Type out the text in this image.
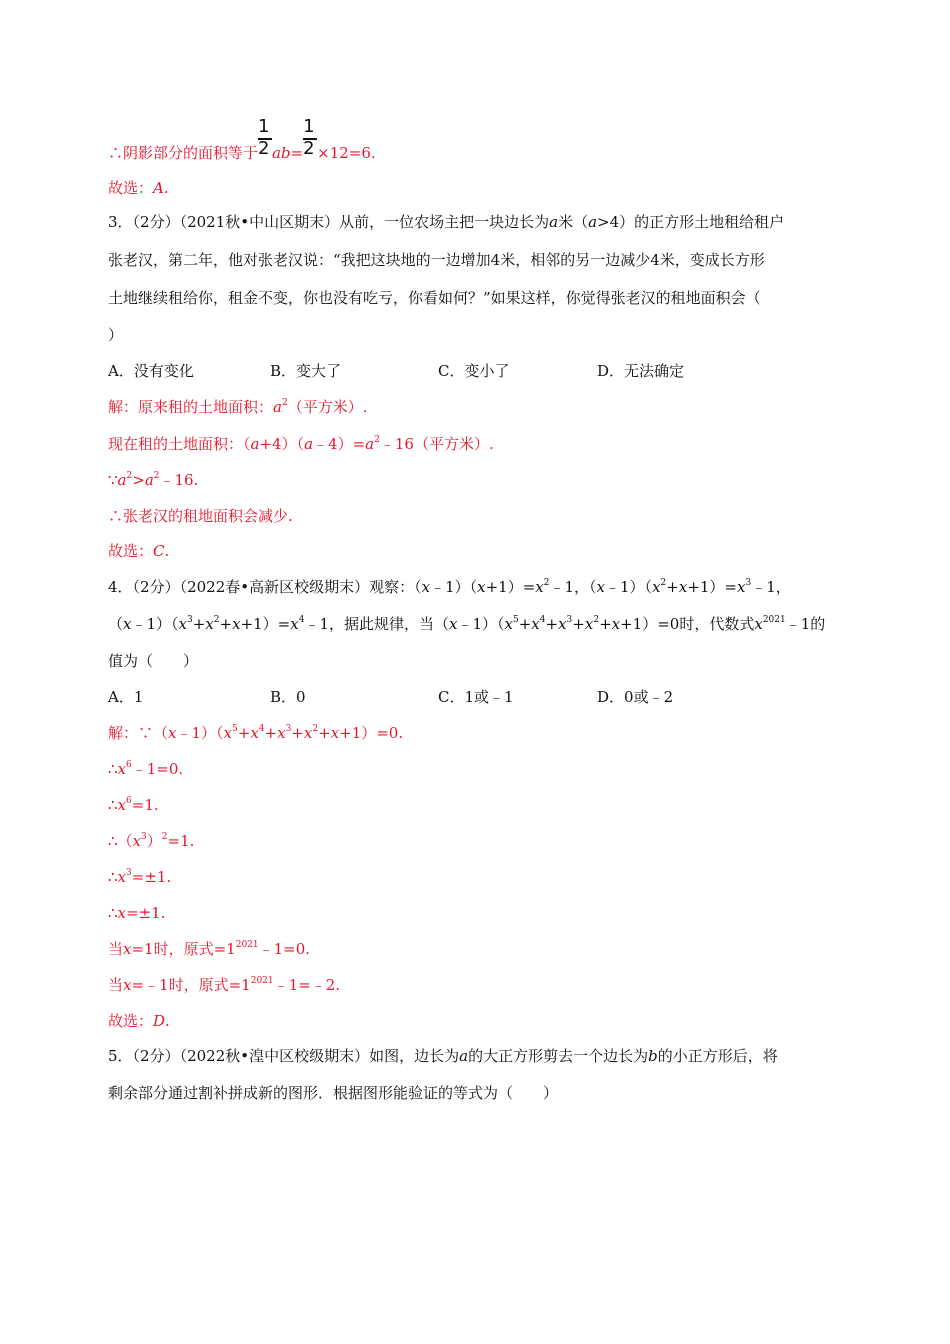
∴阴影部分的面积等于 $\frac{1}{2} ab= \frac{1}{2} \times 12=6$.
故选：A.
3．（2分）（2021秋•中山区期末）从前，一位农场主把一块边长为a米（a>4）的正方形土地租给租户
张老汉，第二年，他对张老汉说：“我把这块地的一边增加4米，相邻的另一边减少4米，变成长方形
土地继续租给你，租金不变，你也没有吃亏，你看如何？”如果这样，你觉得张老汉的租地面积会（
）
A．没有变化	B．变大了	C．变小了	D．无法确定
解：原来租的土地面积：$a^2$（平方米）.
现在租的土地面积：$(a+4)(a﹣4)=a^2﹣16$（平方米）.
$\because a^2>a^2﹣16$.
∴张老汉的租地面积会减少.
故选：C.
4．（2分）（2022春•高新区校级期末）观察：$(x﹣1)(x+1)=x^2﹣1$，$(x﹣1)(x^2+x+1)=x^3﹣1$，
$(x﹣1)(x^3+x^2+x+1)=x^4﹣1$，据此规律，当$(x﹣1)(x^5+x^4+x^3+x^2+x+1)=0$时，代数式$x^{2021}﹣1$的
值为（　　）
A．1	B．0	C．1或﹣1	D．0或﹣2
解：$\because(x﹣1)(x^5+x^4+x^3+x^2+x+1)=0$.
$\therefore x^6﹣1=0$.
$\therefore x^6=1$.
$\therefore(x^3)^2=1$.
$\therefore x^3=\pm 1$.
∴x=±1.
当x=1时，原式$=1^{2021}﹣1=0$.
当x=﹣1时，原式$=1^{2021}﹣1=﹣2$.
故选：D.
5．（2分）（2022秋•湟中区校级期末）如图，边长为a的大正方形剪去一个边长为b的小正方形后，将
剩余部分通过割补拼成新的图形．根据图形能验证的等式为（　　）
